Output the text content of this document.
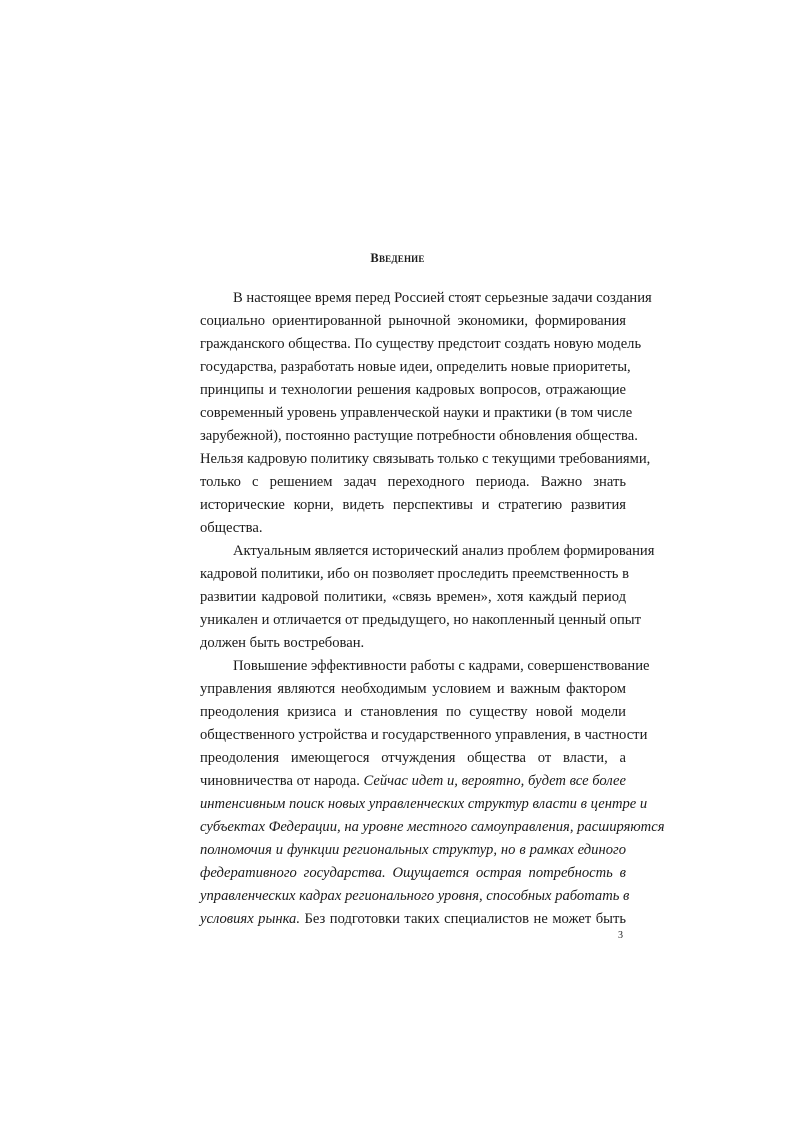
Введение
В настоящее время перед Россией стоят серьезные задачи создания
социально ориентированной рыночной экономики, формирования
гражданского общества. По существу предстоит создать новую модель
государства, разработать новые идеи, определить новые приоритеты,
принципы и технологии решения кадровых вопросов, отражающие
современный уровень управленческой науки и практики (в том числе
зарубежной), постоянно растущие потребности обновления общества.
Нельзя кадровую политику связывать только с текущими требованиями,
только с решением задач переходного периода. Важно знать
исторические корни, видеть перспективы и стратегию развития
общества.
Актуальным является исторический анализ проблем формирования
кадровой политики, ибо он позволяет проследить преемственность в
развитии кадровой политики, «связь времен», хотя каждый период
уникален и отличается от предыдущего, но накопленный ценный опыт
должен быть востребован.
Повышение эффективности работы с кадрами, совершенствование
управления являются необходимым условием и важным фактором
преодоления кризиса и становления по существу новой модели
общественного устройства и государственного управления, в частности
преодоления имеющегося отчуждения общества от власти, а
чиновничества от народа. Сейчас идет и, вероятно, будет все более
интенсивным поиск новых управленческих структур власти в центре и
субъектах Федерации, на уровне местного самоуправления, расширяются
полномочия и функции региональных структур, но в рамках единого
федеративного государства. Ощущается острая потребность в
управленческих кадрах регионального уровня, способных работать в
условиях рынка. Без подготовки таких специалистов не может быть
3
